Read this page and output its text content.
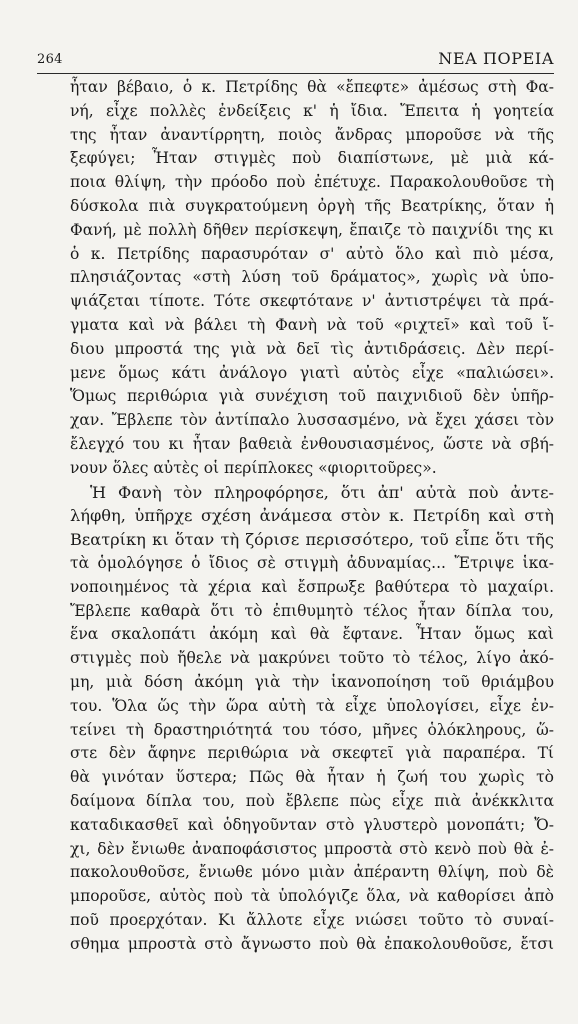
264	ΝΕΑ ΠΟΡΕΙΑ
ἦταν βέβαιο, ὁ κ. Πετρίδης θὰ «ἔπεφτε» ἀμέσως στὴ Φα-
νή, εἶχε πολλὲς ἐνδείξεις κ' ἡ ἴδια. Ἔπειτα ἡ γοητεία
της ἦταν ἀναντίρρητη, ποιὸς ἄνδρας μποροῦσε νὰ τῆς
ξεφύγει; Ἦταν στιγμὲς ποὺ διαπίστωνε, μὲ μιὰ κά-
ποια θλίψη, τὴν πρόοδο ποὺ ἐπέτυχε. Παρακολουθοῦσε τὴ
δύσκολα πιὰ συγκρατούμενη ὀργὴ τῆς Βεατρίκης, ὅταν ἡ
Φανή, μὲ πολλὴ δῆθεν περίσκεψη, ἔπαιζε τὸ παιχνίδι της κι
ὁ κ. Πετρίδης παρασυρόταν σ' αὐτὸ ὅλο καὶ πιὸ μέσα,
πλησιάζοντας «στὴ λύση τοῦ δράματος», χωρὶς νὰ ὑπο-
ψιάζεται τίποτε. Τότε σκεφτότανε ν' ἀντιστρέψει τὰ πρά-
γματα καὶ νὰ βάλει τὴ Φανὴ νὰ τοῦ «ριχτεῖ» καὶ τοῦ ἴ-
διου μπροστά της γιὰ νὰ δεῖ τὶς ἀντιδράσεις. Δὲν περί-
μενε ὅμως κάτι ἀνάλογο γιατὶ αὐτὸς εἶχε «παλιώσει».
Ὅμως περιθώρια γιὰ συνέχιση τοῦ παιχνιδιοῦ δὲν ὑπῆρ-
χαν. Ἔβλεπε τὸν ἀντίπαλο λυσσασμένο, νὰ ἔχει χάσει τὸν
ἔλεγχό του κι ἦταν βαθειὰ ἐνθουσιασμένος, ὥστε νὰ σβή-
νουν ὅλες αὐτὲς οἱ περίπλοκες «φιοριτοῦρες».
Ἡ Φανὴ τὸν πληροφόρησε, ὅτι ἀπ' αὐτὰ ποὺ ἀντε-
λήφθη, ὑπῆρχε σχέση ἀνάμεσα στὸν κ. Πετρίδη καὶ στὴ
Βεατρίκη κι ὅταν τὴ ζόρισε περισσότερο, τοῦ εἶπε ὅτι τῆς
τὰ ὁμολόγησε ὁ ἴδιος σὲ στιγμὴ ἀδυναμίας... Ἔτριψε ἱκα-
νοποιημένος τὰ χέρια καὶ ἔσπρωξε βαθύτερα τὸ μαχαίρι.
Ἔβλεπε καθαρὰ ὅτι τὸ ἐπιθυμητὸ τέλος ἦταν δίπλα του,
ἕνα σκαλοπάτι ἀκόμη καὶ θὰ ἔφτανε. Ἦταν ὅμως καὶ
στιγμὲς ποὺ ἤθελε νὰ μακρύνει τοῦτο τὸ τέλος, λίγο ἀκό-
μη, μιὰ δόση ἀκόμη γιὰ τὴν ἱκανοποίηση τοῦ θριάμβου
του. Ὅλα ὥς τὴν ὥρα αὐτὴ τὰ εἶχε ὑπολογίσει, εἶχε ἐν-
τείνει τὴ δραστηριότητά του τόσο, μῆνες ὁλόκληρους, ὥ-
στε δὲν ἄφηνε περιθώρια νὰ σκεφτεῖ γιὰ παραπέρα. Τί
θὰ γινόταν ὕστερα; Πῶς θὰ ἦταν ἡ ζωή του χωρὶς τὸ
δαίμονα δίπλα του, ποὺ ἔβλεπε πὼς εἶχε πιὰ ἀνέκκλιτα
καταδικασθεῖ καὶ ὁδηγοῦνταν στὸ γλυστερὸ μονοπάτι; Ὄ-
χι, δὲν ἔνιωθε ἀναποφάσιστος μπροστὰ στὸ κενὸ ποὺ θὰ ἐ-
πακολουθοῦσε, ἔνιωθε μόνο μιὰν ἀπέραντη θλίψη, ποὺ δὲ
μποροῦσε, αὐτὸς ποὺ τὰ ὑπολόγιζε ὅλα, νὰ καθορίσει ἀπὸ
ποῦ προερχόταν. Κι ἄλλοτε εἶχε νιώσει τοῦτο τὸ συναί-
σθημα μπροστὰ στὸ ἄγνωστο ποὺ θὰ ἐπακολουθοῦσε, ἔτσι
